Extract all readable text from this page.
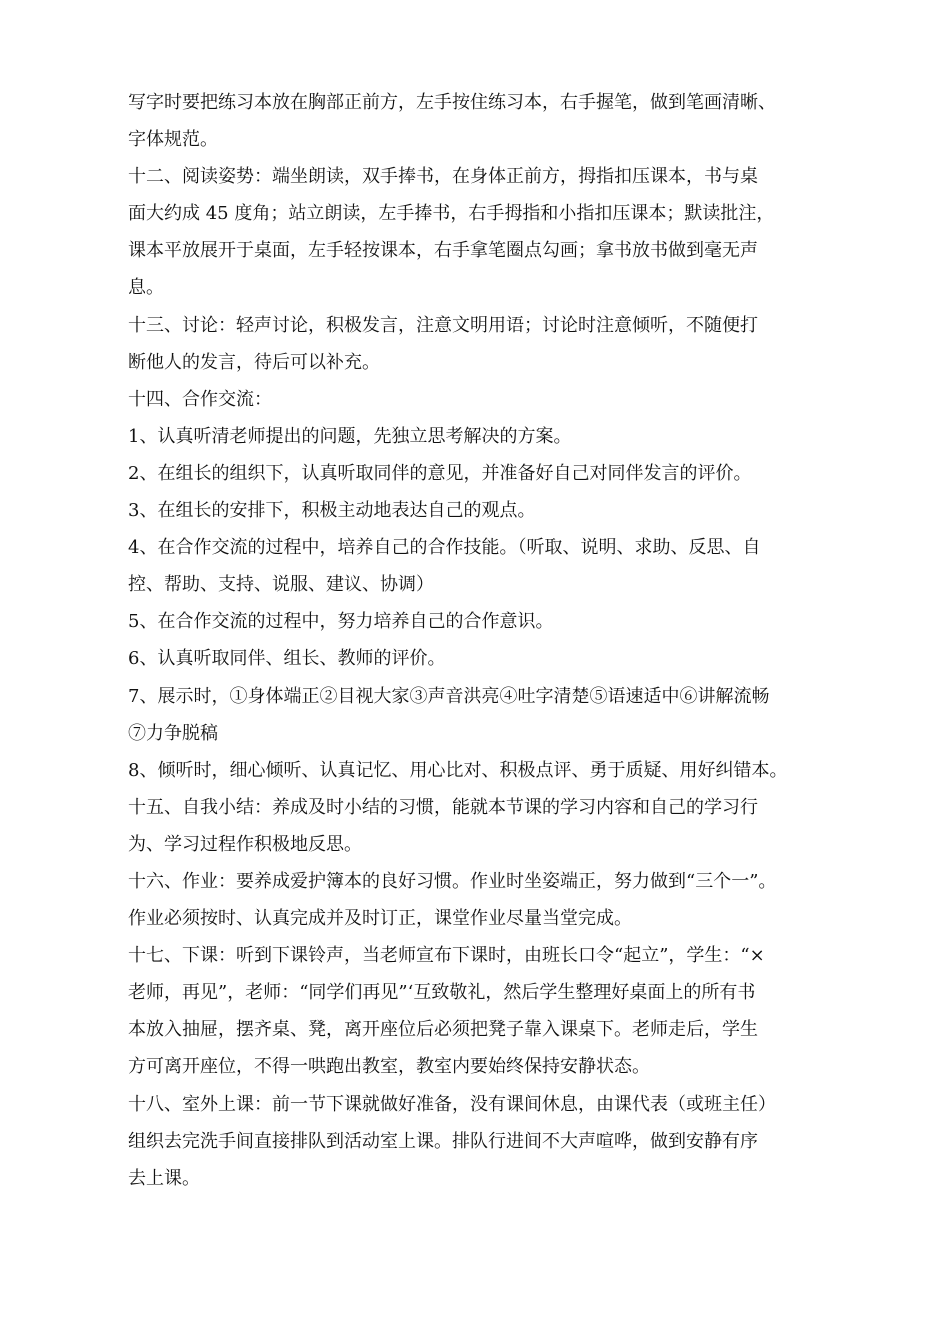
写字时要把练习本放在胸部正前方，左手按住练习本，右手握笔，做到笔画清晰、
字体规范。
十二、阅读姿势：端坐朗读，双手捧书，在身体正前方，拇指扣压课本，书与桌
面大约成 45 度角；站立朗读，左手捧书，右手拇指和小指扣压课本；默读批注，
课本平放展开于桌面，左手轻按课本，右手拿笔圈点勾画；拿书放书做到毫无声
息。
十三、讨论：轻声讨论，积极发言，注意文明用语；讨论时注意倾听，不随便打
断他人的发言，待后可以补充。
十四、合作交流：
1、认真听清老师提出的问题，先独立思考解决的方案。
2、在组长的组织下，认真听取同伴的意见，并准备好自己对同伴发言的评价。
3、在组长的安排下，积极主动地表达自己的观点。
4、在合作交流的过程中，培养自己的合作技能。（听取、说明、求助、反思、自
控、帮助、支持、说服、建议、协调）
5、在合作交流的过程中，努力培养自己的合作意识。
6、认真听取同伴、组长、教师的评价。
7、展示时，①身体端正②目视大家③声音洪亮④吐字清楚⑤语速适中⑥讲解流畅
⑦力争脱稿
8、倾听时，细心倾听、认真记忆、用心比对、积极点评、勇于质疑、用好纠错本。
十五、自我小结：养成及时小结的习惯，能就本节课的学习内容和自己的学习行
为、学习过程作积极地反思。
十六、作业：要养成爱护簿本的良好习惯。作业时坐姿端正，努力做到“三个一”。
作业必须按时、认真完成并及时订正，课堂作业尽量当堂完成。
十七、下课：听到下课铃声，当老师宣布下课时，由班长口令“起立”，学生：“×
老师，再见”，老师：“同学们再见”‘互致敬礼，然后学生整理好桌面上的所有书
本放入抽屉，摆齐桌、凳，离开座位后必须把凳子靠入课桌下。老师走后，学生
方可离开座位，不得一哄跑出教室，教室内要始终保持安静状态。
十八、室外上课：前一节下课就做好准备，没有课间休息，由课代表（或班主任）
组织去完洗手间直接排队到活动室上课。排队行进间不大声喧哗，做到安静有序
去上课。
